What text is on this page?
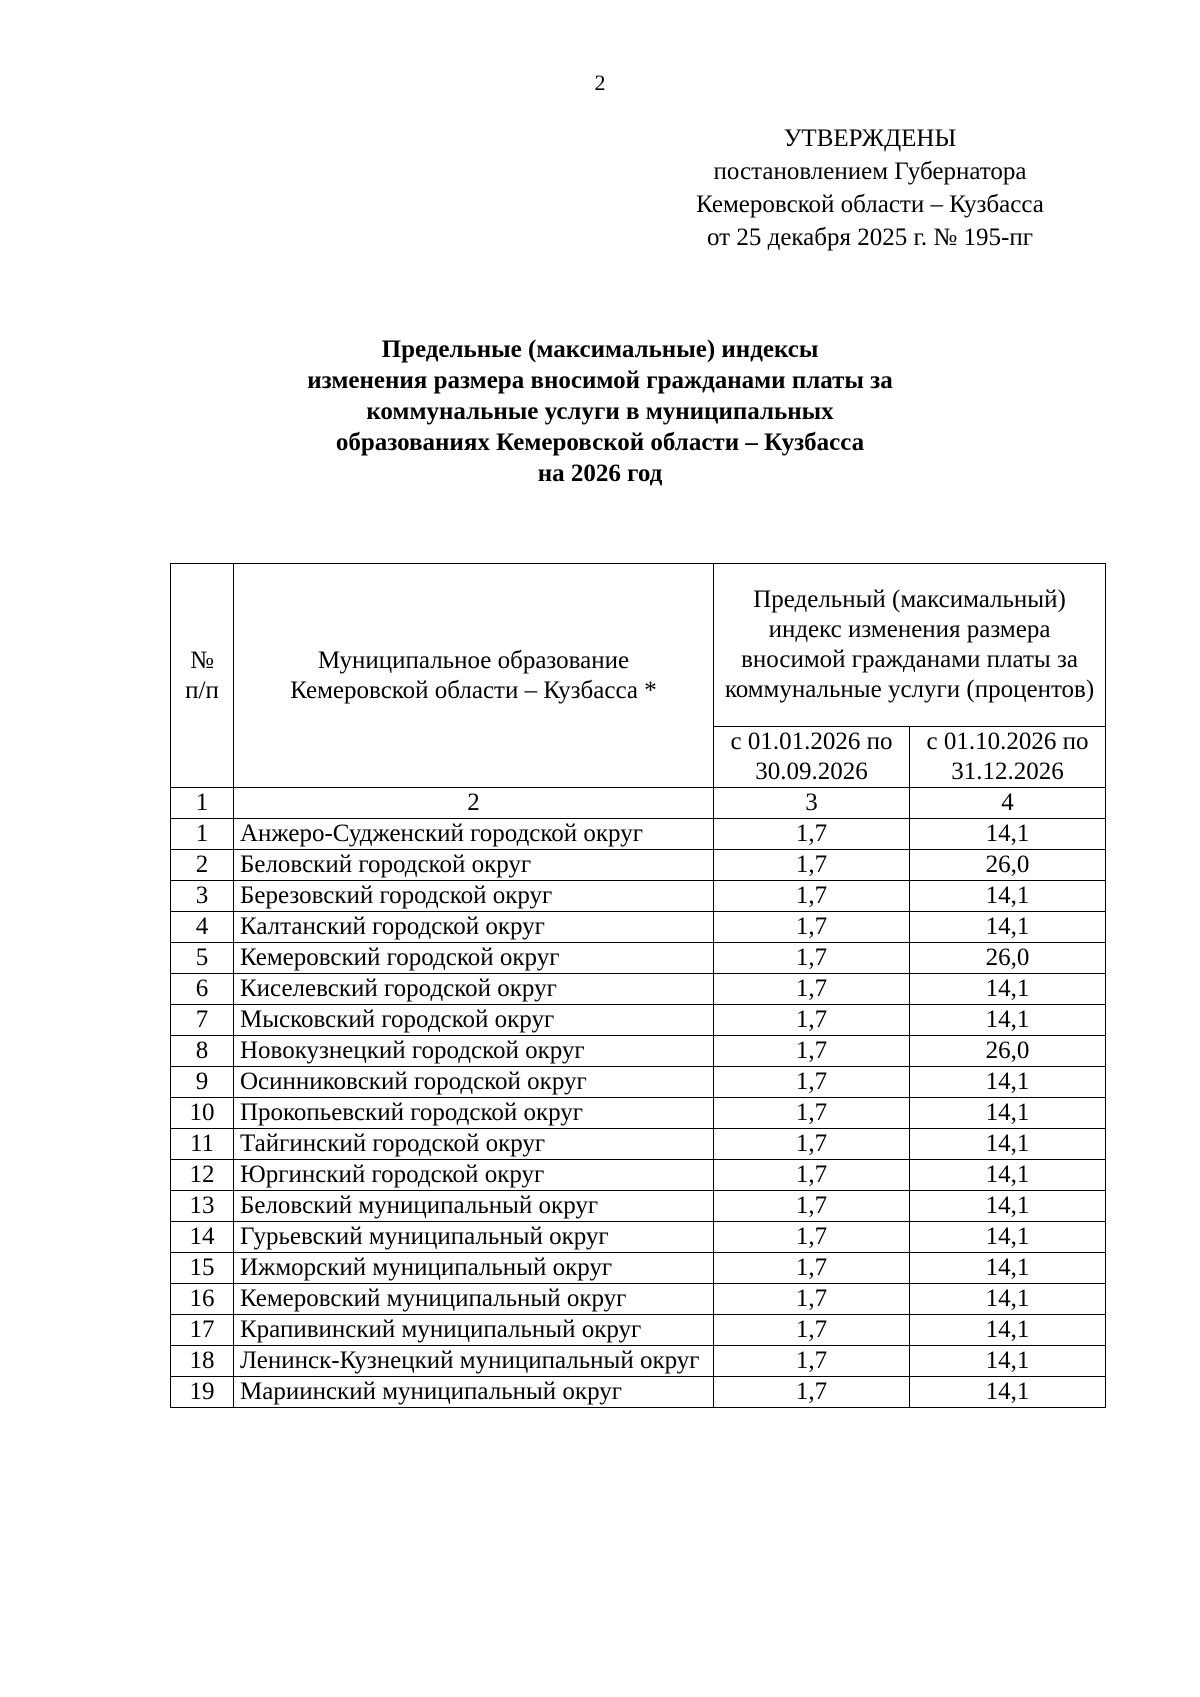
2
УТВЕРЖДЕНЫ
постановлением Губернатора
Кемеровской области – Кузбасса
от 25 декабря 2025 г. № 195-пг
Предельные (максимальные) индексы
изменения размера вносимой гражданами платы за
коммунальные услуги в муниципальных
образованиях Кемеровской области – Кузбасса
на 2026 год
№ п/п	Муниципальное образование Кемеровской области – Кузбасса *	Предельный (максимальный) индекс изменения размера вносимой гражданами платы за коммунальные услуги (процентов)	
		с 01.01.2026 по 30.09.2026	с 01.10.2026 по 31.12.2026
1	2	3	4
1	Анжеро-Судженский городской округ	1,7	14,1
2	Беловский городской округ	1,7	26,0
3	Березовский городской округ	1,7	14,1
4	Калтанский городской округ	1,7	14,1
5	Кемеровский городской округ	1,7	26,0
6	Киселевский городской округ	1,7	14,1
7	Мысковский городской округ	1,7	14,1
8	Новокузнецкий городской округ	1,7	26,0
9	Осинниковский городской округ	1,7	14,1
10	Прокопьевский городской округ	1,7	14,1
11	Тайгинский городской округ	1,7	14,1
12	Юргинский городской округ	1,7	14,1
13	Беловский муниципальный округ	1,7	14,1
14	Гурьевский муниципальный округ	1,7	14,1
15	Ижморский муниципальный округ	1,7	14,1
16	Кемеровский муниципальный округ	1,7	14,1
17	Крапивинский муниципальный округ	1,7	14,1
18	Ленинск-Кузнецкий муниципальный округ	1,7	14,1
19	Мариинский муниципальный округ	1,7	14,1
